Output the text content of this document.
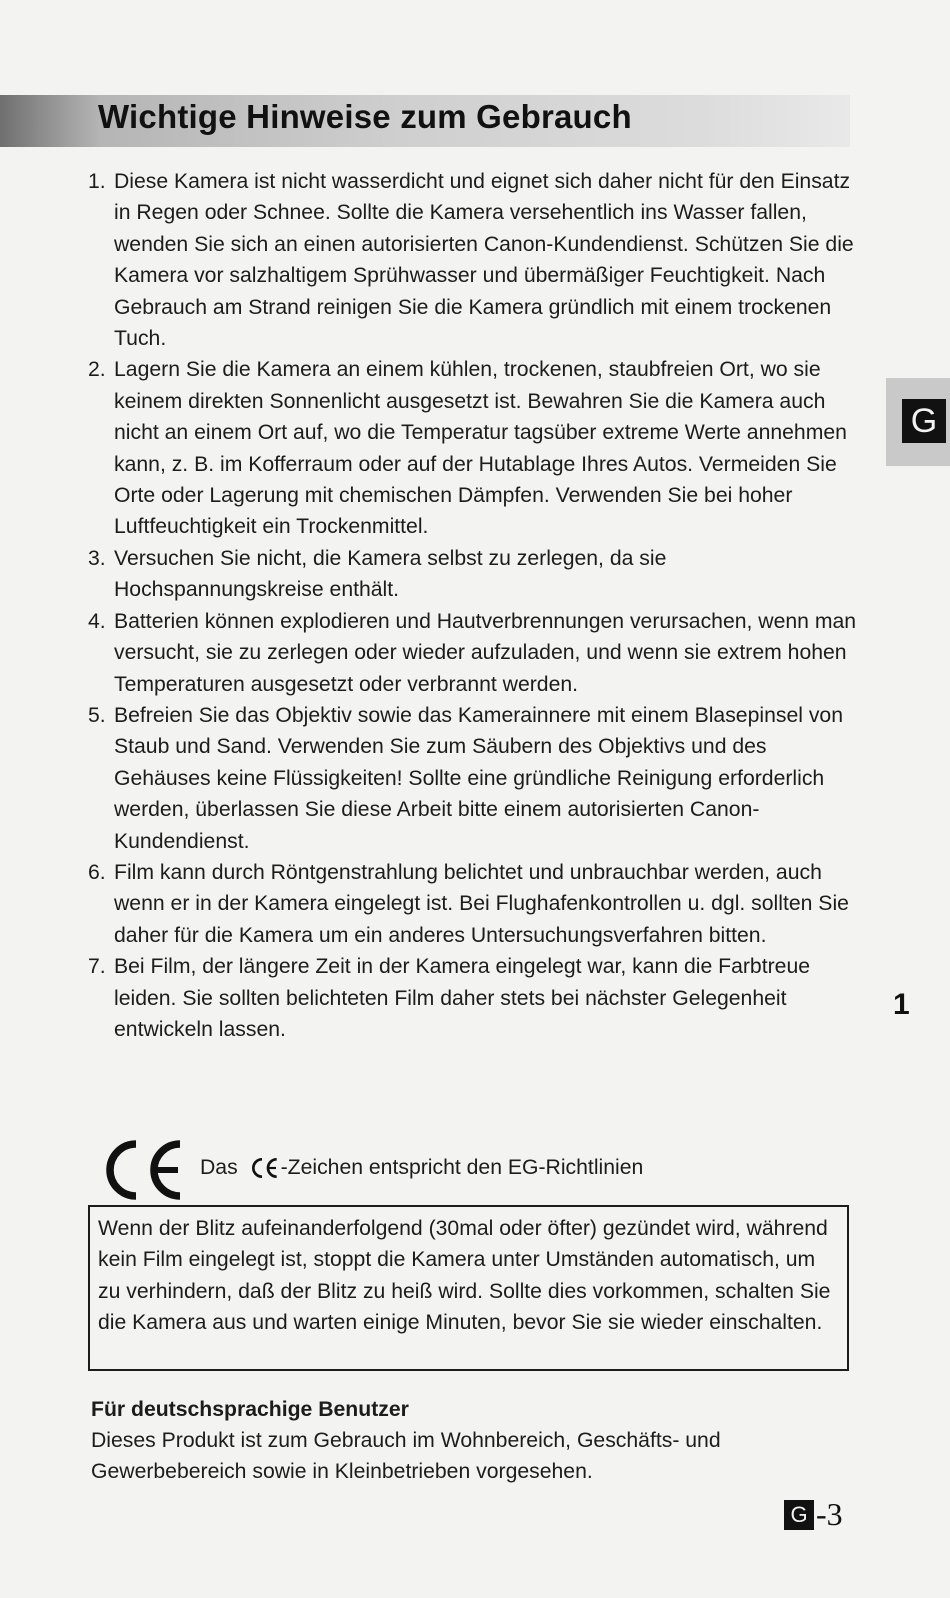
Wichtige Hinweise zum Gebrauch
G
1
1. Diese Kamera ist nicht wasserdicht und eignet sich daher nicht für den Einsatz in Regen oder Schnee. Sollte die Kamera versehentlich ins Wasser fallen, wenden Sie sich an einen autorisierten Canon-Kundendienst. Schützen Sie die Kamera vor salzhaltigem Sprühwasser und übermäßiger Feuchtigkeit. Nach Gebrauch am Strand reinigen Sie die Kamera gründlich mit einem trockenen Tuch.
2. Lagern Sie die Kamera an einem kühlen, trockenen, staubfreien Ort, wo sie keinem direkten Sonnenlicht ausgesetzt ist. Bewahren Sie die Kamera auch nicht an einem Ort auf, wo die Temperatur tagsüber extreme Werte annehmen kann, z. B. im Kofferraum oder auf der Hutablage Ihres Autos. Vermeiden Sie Orte oder Lagerung mit chemischen Dämpfen. Verwenden Sie bei hoher Luftfeuchtigkeit ein Trockenmittel.
3. Versuchen Sie nicht, die Kamera selbst zu zerlegen, da sie Hochspannungskreise enthält.
4. Batterien können explodieren und Hautverbrennungen verursachen, wenn man versucht, sie zu zerlegen oder wieder aufzuladen, und wenn sie extrem hohen Temperaturen ausgesetzt oder verbrannt werden.
5. Befreien Sie das Objektiv sowie das Kamerainnere mit einem Blasepinsel von Staub und Sand. Verwenden Sie zum Säubern des Objektivs und des Gehäuses keine Flüssigkeiten! Sollte eine gründliche Reinigung erforderlich werden, überlassen Sie diese Arbeit bitte einem autorisierten Canon-Kundendienst.
6. Film kann durch Röntgenstrahlung belichtet und unbrauchbar werden, auch wenn er in der Kamera eingelegt ist. Bei Flughafenkontrollen u. dgl. sollten Sie daher für die Kamera um ein anderes Untersuchungsverfahren bitten.
7. Bei Film, der längere Zeit in der Kamera eingelegt war, kann die Farbtreue leiden. Sie sollten belichteten Film daher stets bei nächster Gelegenheit entwickeln lassen.
Das -Zeichen entspricht den EG-Richtlinien

Wenn der Blitz aufeinanderfolgend (30mal oder öfter) gezündet wird, während kein Film eingelegt ist, stoppt die Kamera unter Umständen automatisch, um zu verhindern, daß der Blitz zu heiß wird. Sollte dies vorkommen, schalten Sie die Kamera aus und warten einige Minuten, bevor Sie sie wieder einschalten.

Für deutschsprachige Benutzer

Dieses Produkt ist zum Gebrauch im Wohnbereich, Geschäfts- und Gewerbebereich sowie in Kleinbetrieben vorgesehen.

G -3
